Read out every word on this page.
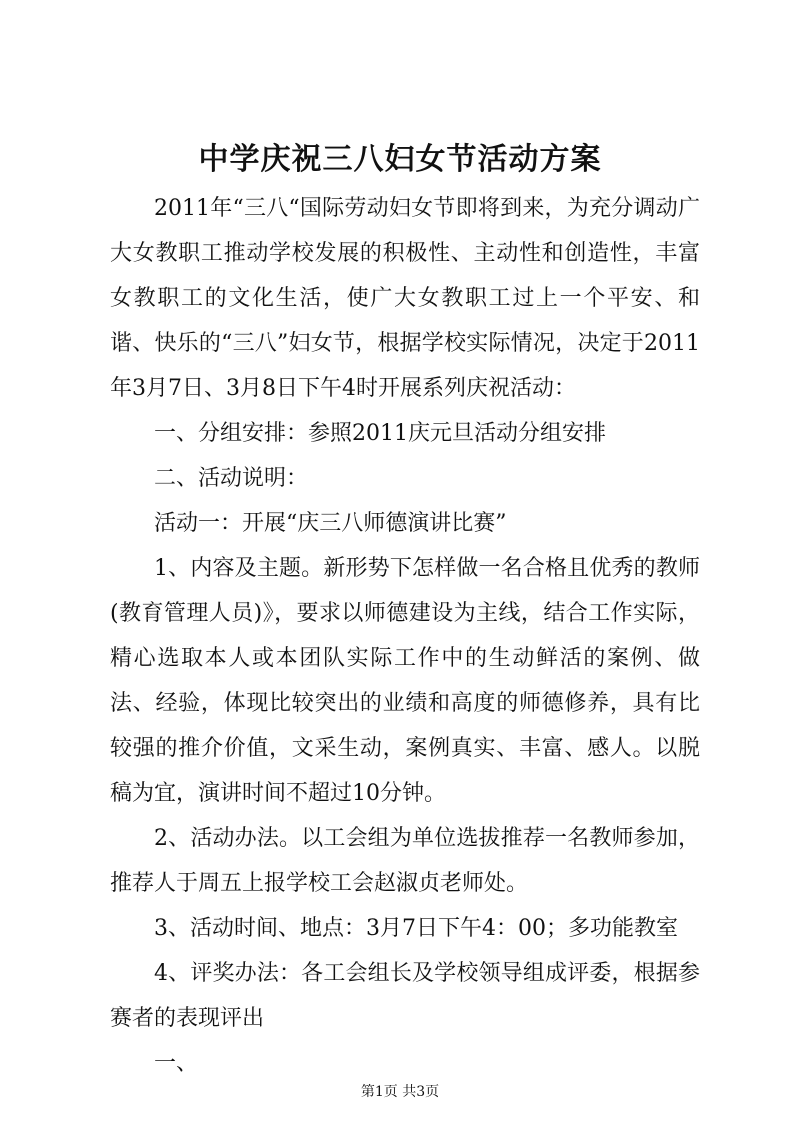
中学庆祝三八妇女节活动方案

2011年“三八“国际劳动妇女节即将到来，为充分调动广大女教职工推动学校发展的积极性、主动性和创造性，丰富女教职工的文化生活，使广大女教职工过上一个平安、和谐、快乐的“三八”妇女节，根据学校实际情况，决定于2011年3月7日、3月8日下午4时开展系列庆祝活动：

一、分组安排：参照2011庆元旦活动分组安排

二、活动说明：

活动一：开展“庆三八师德演讲比赛”

1、内容及主题。新形势下怎样做一名合格且优秀的教师(教育管理人员)》，要求以师德建设为主线，结合工作实际，精心选取本人或本团队实际工作中的生动鲜活的案例、做法、经验，体现比较突出的业绩和高度的师德修养，具有比较强的推介价值，文采生动，案例真实、丰富、感人。以脱稿为宜，演讲时间不超过10分钟。

2、活动办法。以工会组为单位选拔推荐一名教师参加，推荐人于周五上报学校工会赵淑贞老师处。

3、活动时间、地点：3月7日下午4：00；多功能教室

4、评奖办法：各工会组长及学校领导组成评委，根据参赛者的表现评出

一、

第1页 共3页
